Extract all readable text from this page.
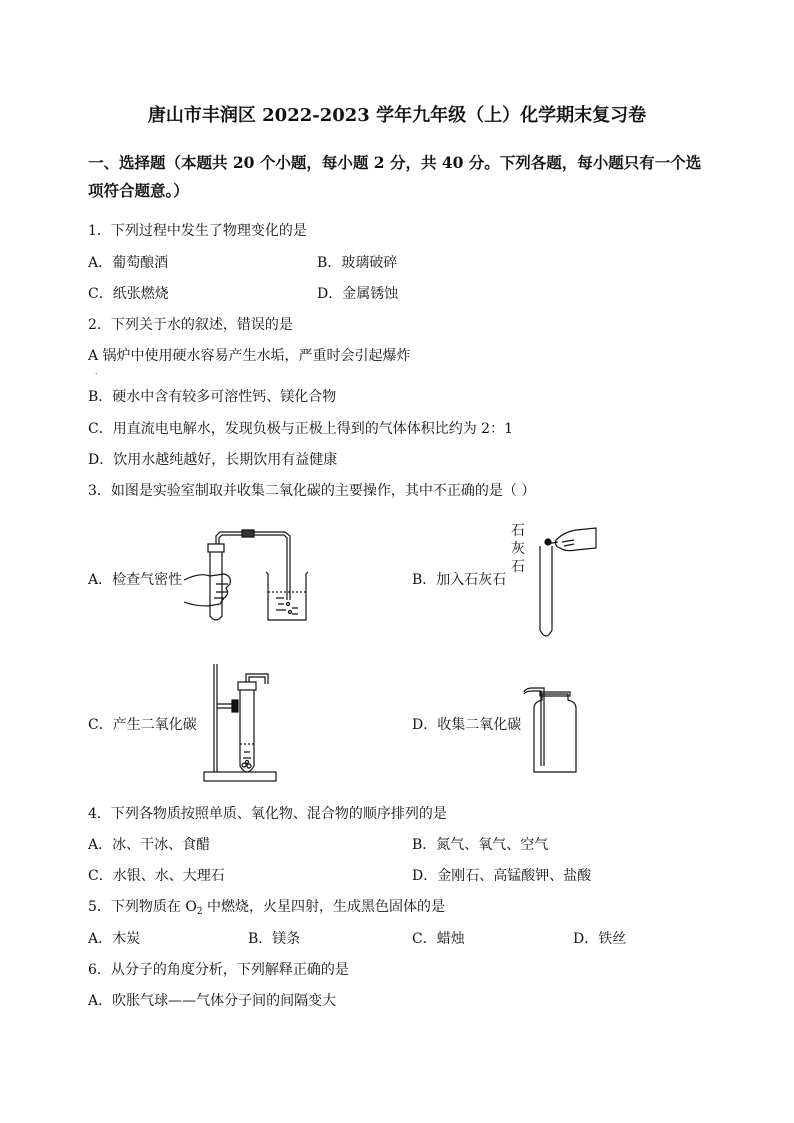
唐山市丰润区 2022-2023 学年九年级（上）化学期末复习卷
一、选择题（本题共 20 个小题，每小题 2 分，共 40 分。下列各题，每小题只有一个选
项符合题意。）
1．下列过程中发生了物理变化的是
A．葡萄酿酒	B．玻璃破碎
C．纸张燃烧	D．金属锈蚀
2．下列关于水的叙述，错误的是
A 锅炉中使用硬水容易产生水垢，严重时会引起爆炸
．
B．硬水中含有较多可溶性钙、镁化合物
C．用直流电电解水，发现负极与正极上得到的气体体积比约为 2：1
D．饮用水越纯越好，长期饮用有益健康
3．如图是实验室制取并收集二氧化碳的主要操作，其中不正确的是（ ）
A．检查气密性	B．加入石灰石
石
灰
石
C．产生二氧化碳	D．收集二氧化碳
4．下列各物质按照单质、氧化物、混合物的顺序排列的是
A．冰、干冰、食醋	B．氮气、氧气、空气
C．水银、水、大理石	D．金刚石、高锰酸钾、盐酸
5．下列物质在 $O_2$ 中燃烧，火星四射，生成黑色固体的是
A．木炭	B．镁条	C．蜡烛	D．铁丝
6．从分子的角度分析，下列解释正确的是
A．吹胀气球——气体分子间的间隔变大
